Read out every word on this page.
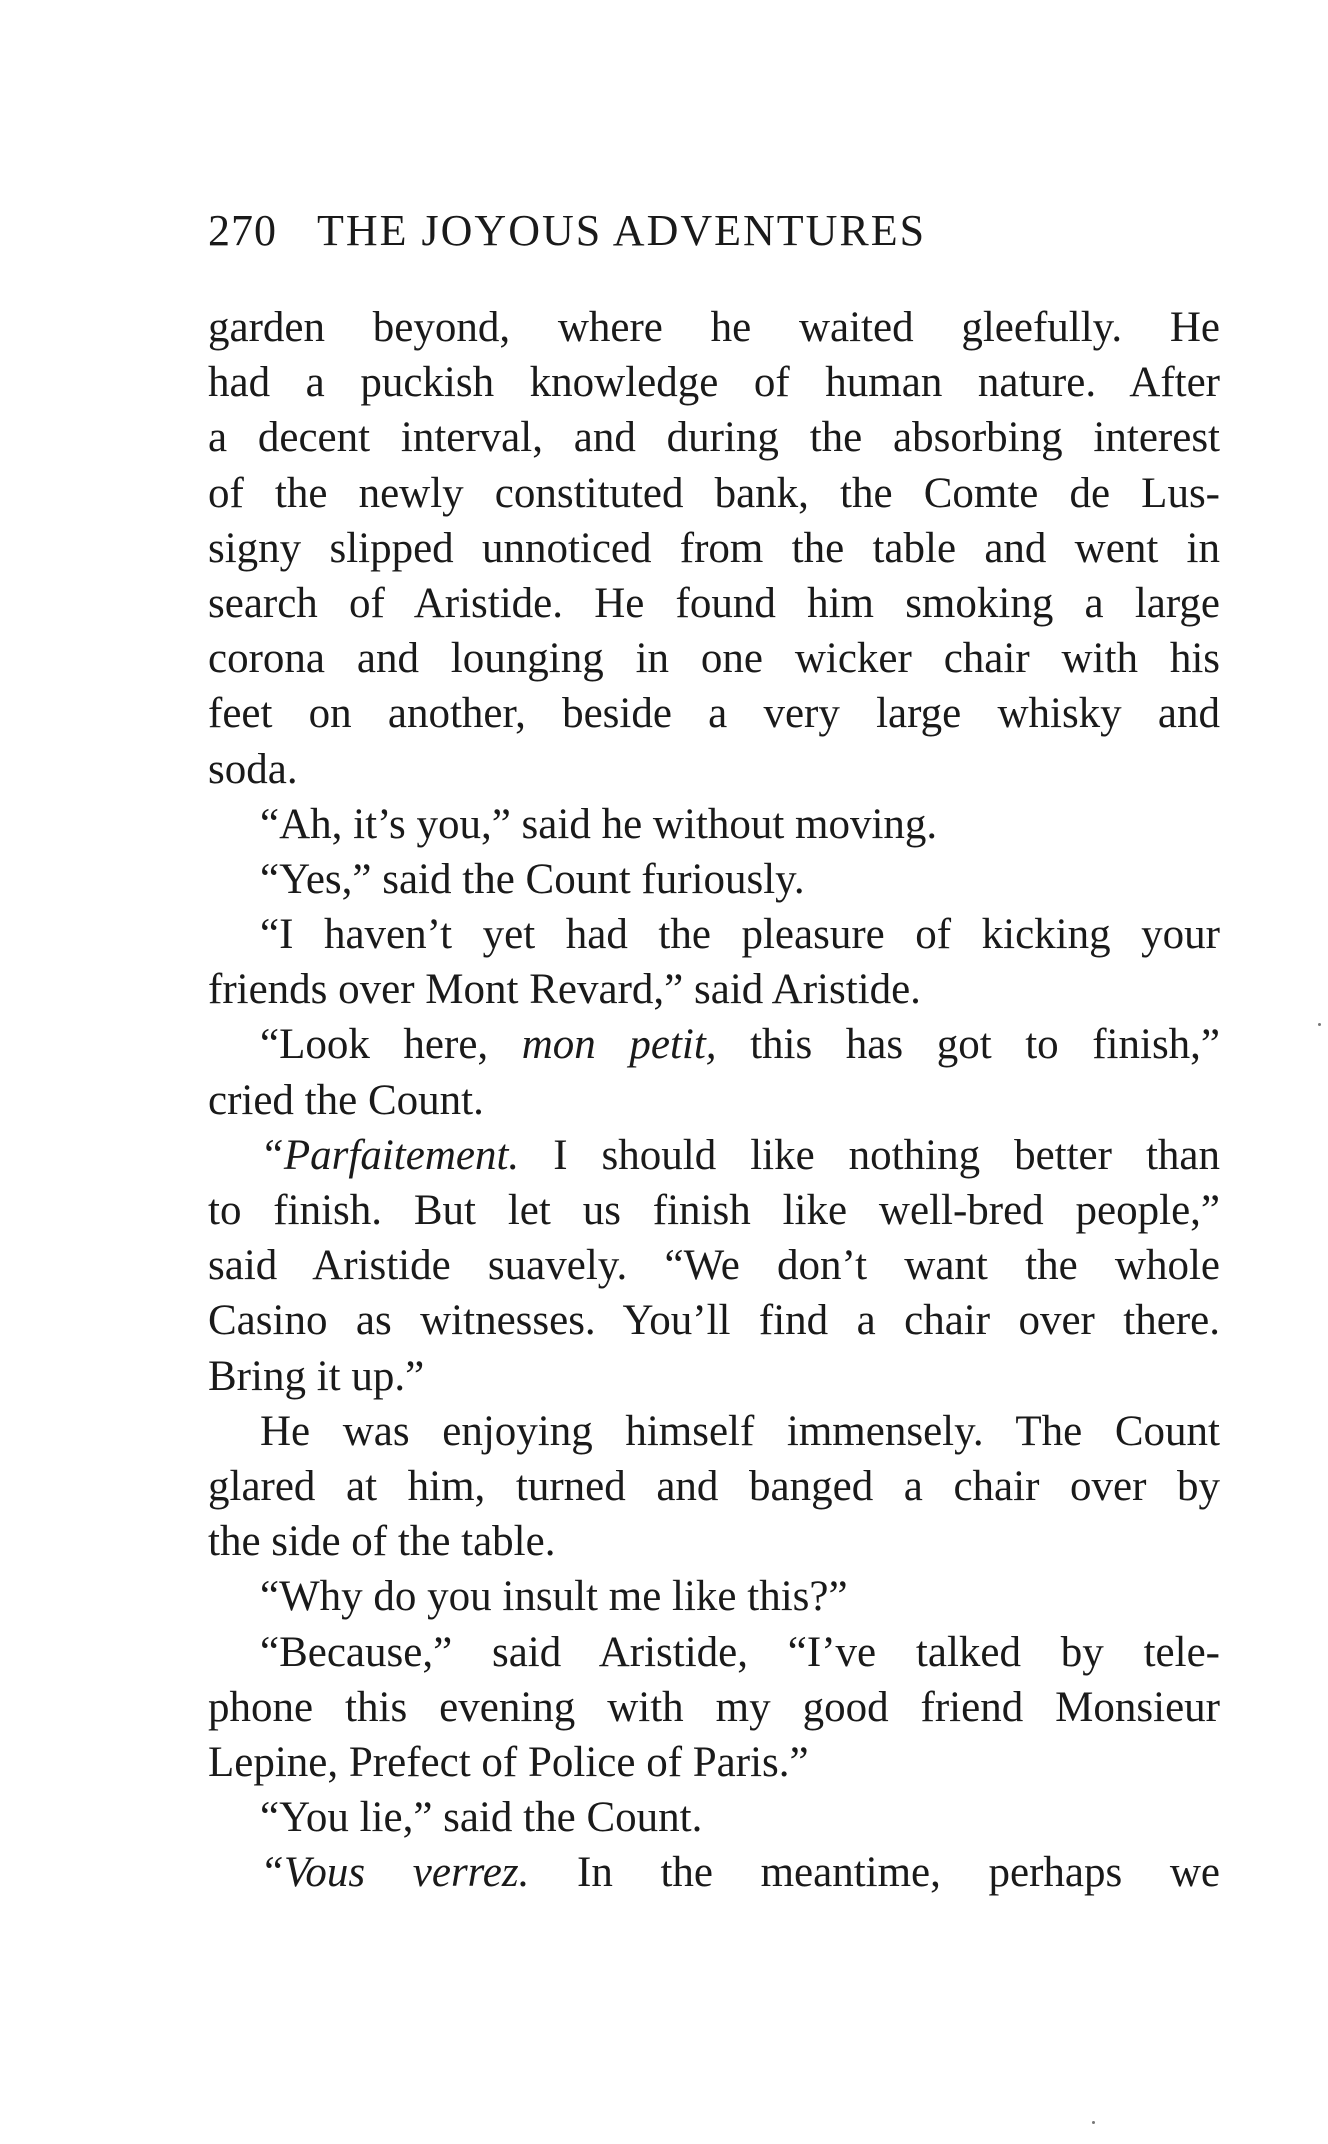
270 THE JOYOUS ADVENTURES
garden beyond, where he waited gleefully. He
had a puckish knowledge of human nature. After
a decent interval, and during the absorbing interest
of the newly constituted bank, the Comte de Lus-
signy slipped unnoticed from the table and went in
search of Aristide. He found him smoking a large
corona and lounging in one wicker chair with his
feet on another, beside a very large whisky and
soda.
“Ah, it’s you,” said he without moving.
“Yes,” said the Count furiously.
“I haven’t yet had the pleasure of kicking your
friends over Mont Revard,” said Aristide.
“Look here, mon petit, this has got to finish,”
cried the Count.
“Parfaitement. I should like nothing better than
to finish. But let us finish like well-bred people,”
said Aristide suavely. “We don’t want the whole
Casino as witnesses. You’ll find a chair over there.
Bring it up.”
He was enjoying himself immensely. The Count
glared at him, turned and banged a chair over by
the side of the table.
“Why do you insult me like this?”
“Because,” said Aristide, “I’ve talked by tele-
phone this evening with my good friend Monsieur
Lepine, Prefect of Police of Paris.”
“You lie,” said the Count.
“Vous verrez. In the meantime, perhaps we
